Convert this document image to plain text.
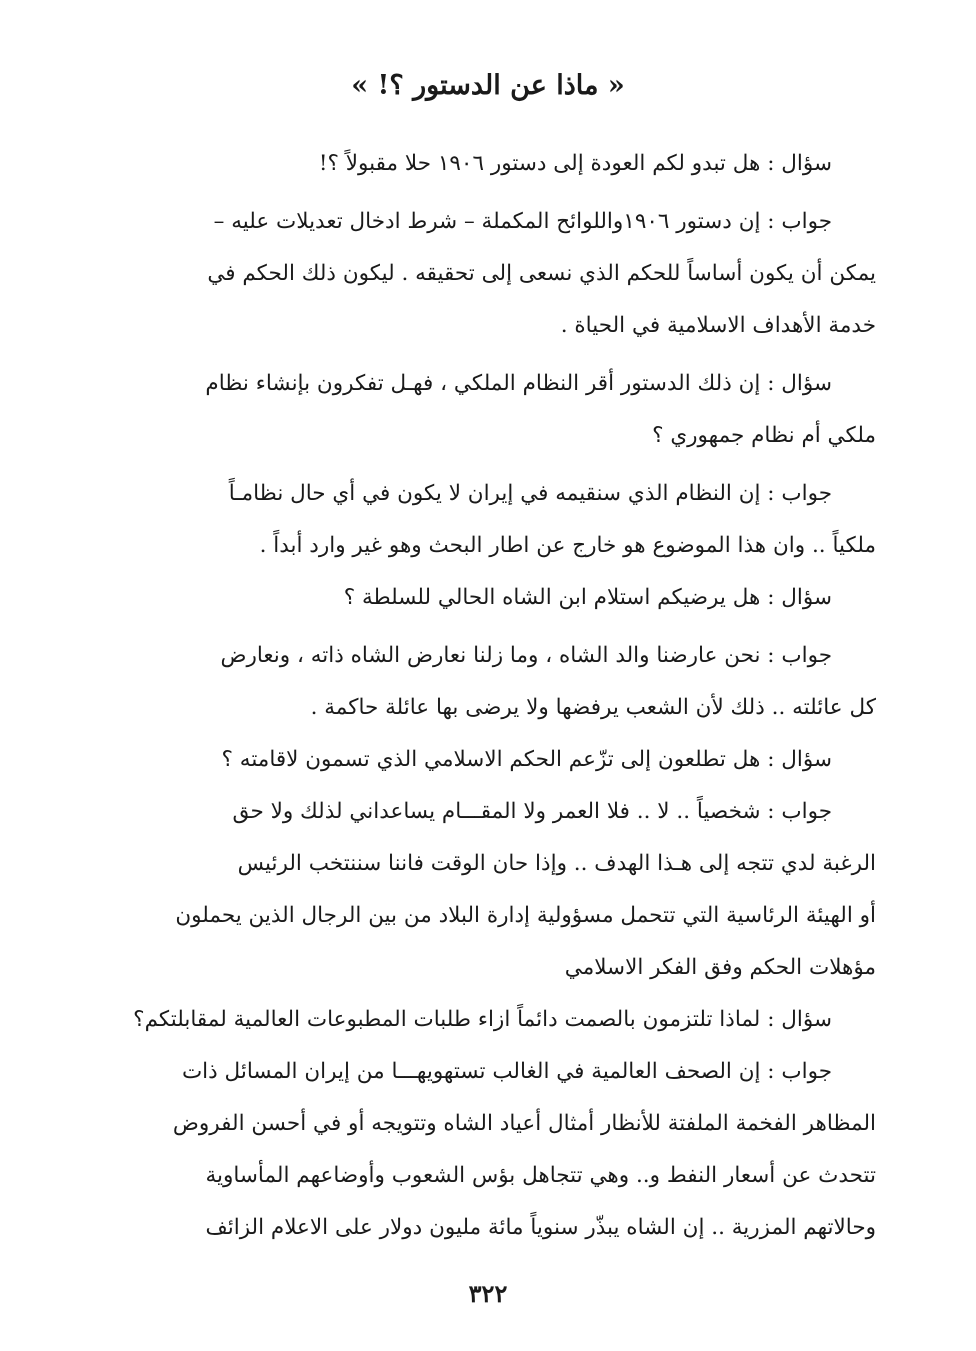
« ماذا عن الدستور ؟! »
سؤال : هل تبدو لكم العودة إلى دستور ١٩٠٦ حلا مقبولاً ؟!
جواب : إن دستور ١٩٠٦واللوائح المكملة – شرط ادخال تعديلات عليه –
يمكن أن يكون أساساً للحكم الذي نسعى إلى تحقيقه . ليكون ذلك الحكم في
خدمة الأهداف الاسلامية في الحياة .
سؤال : إن ذلك الدستور أقر النظام الملكي ، فهـل تفكرون بإنشاء نظام
ملكي أم نظام جمهوري ؟
جواب : إن النظام الذي سنقيمه في إيران لا يكون في أي حال نظامـاً
ملكياً .. وان هذا الموضوع هو خارج عن اطار البحث وهو غير وارد أبداً .
سؤال : هل يرضيكم استلام ابن الشاه الحالي للسلطة ؟
جواب : نحن عارضنا والد الشاه ، وما زلنا نعارض الشاه ذاته ، ونعارض
كل عائلته .. ذلك لأن الشعب يرفضها ولا يرضى بها عائلة حاكمة .
سؤال : هل تطلعون إلى تزّعم الحكم الاسلامي الذي تسمون لاقامته ؟
جواب : شخصياً .. لا .. فلا العمر ولا المقـــام يساعداني لذلك ولا حق
الرغبة لدي تتجه إلى هـذا الهدف .. وإذا حان الوقت فاننا سننتخب الرئيس
أو الهيئة الرئاسية التي تتحمل مسؤولية إدارة البلاد من بين الرجال الذين يحملون
مؤهلات الحكم وفق الفكر الاسلامي
سؤال : لماذا تلتزمون بالصمت دائماً ازاء طلبات المطبوعات العالمية لمقابلتكم؟
جواب : إن الصحف العالمية في الغالب تستهويهـــا من إيران المسائل ذات
المظاهر الفخمة الملفتة للأنظار أمثال أعياد الشاه وتتويجه أو في أحسن الفروض
تتحدث عن أسعار النفط و.. وهي تتجاهل بؤس الشعوب وأوضاعهم المأساوية
وحالاتهم المزرية .. إن الشاه يبذّر سنوياً مائة مليون دولار على الاعلام الزائف
٣٢٢
